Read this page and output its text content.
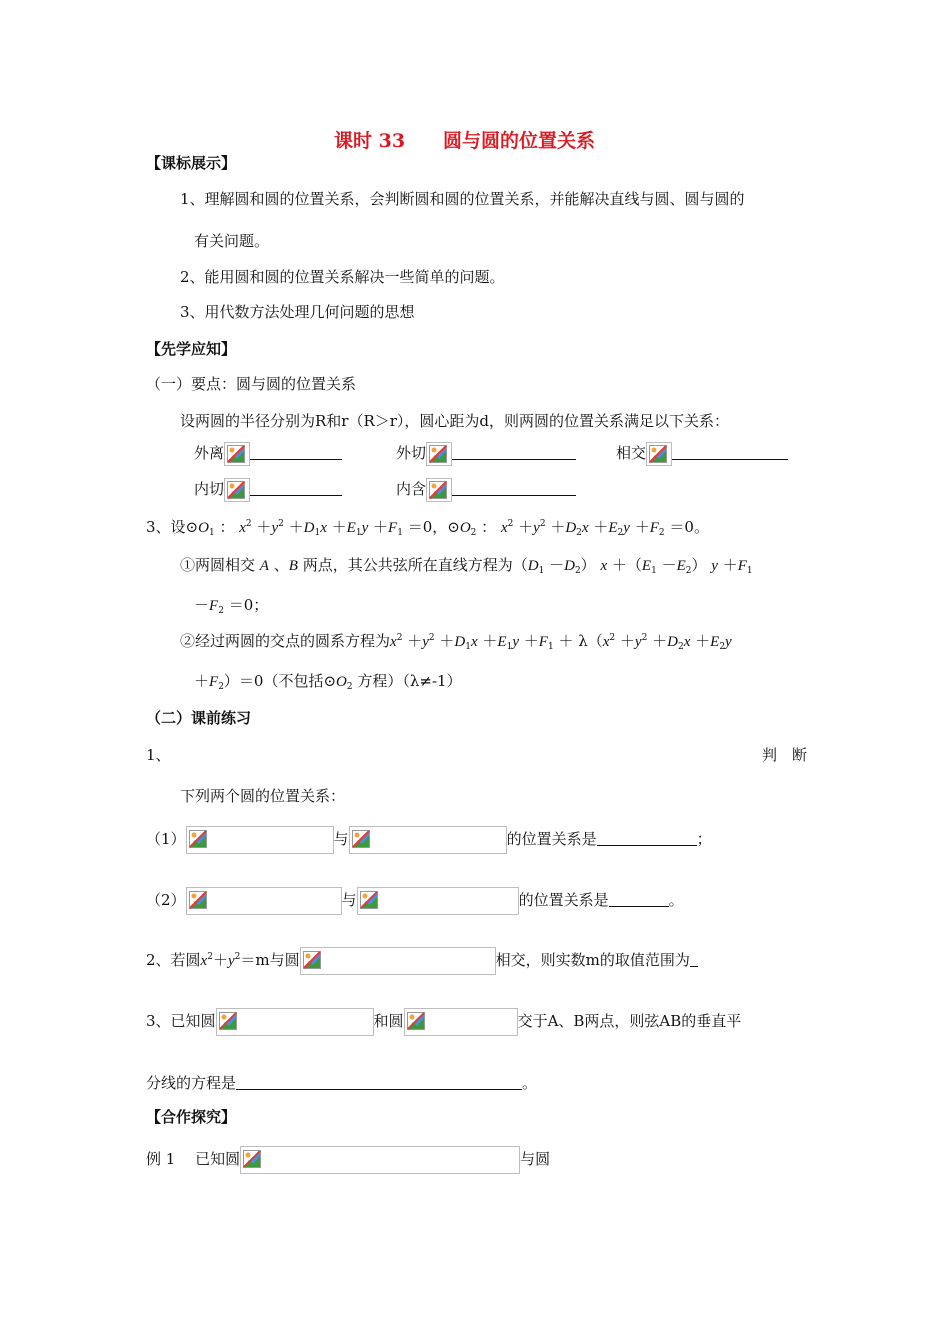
课时 33　　圆与圆的位置关系
【课标展示】
1、理解圆和圆的位置关系，会判断圆和圆的位置关系，并能解决直线与圆、圆与圆的
有关问题。
2、能用圆和圆的位置关系解决一些简单的问题。
3、用代数方法处理几何问题的思想
【先学应知】
（一）要点：圆与圆的位置关系
设两圆的半径分别为R和r（R＞r），圆心距为d，则两圆的位置关系满足以下关系：
外离	外切	相交
内切	内含
3、设$⊙O_1$ ： $x^2 +y^2 +D_1x +E_1y +F_1 =0$，$⊙O_2$ ： $x^2 +y^2 +D_2x +E_2y +F_2 =0$。
①两圆相交 A 、B 两点，其公共弦所在直线方程为$(D_1 -D_2)$ $x +(E_1 -E_2)$ $y +F_1$
$-F_2 =0$；
②经过两圆的交点的圆系方程为$x^2 +y^2 +D_1x +E_1y +F_1 + \lambda(x^2 +y^2 +D_2x +E_2y$
$+F_2)=0$（不包括$⊙O_2$ 方程）（λ≠-1）
（二）课前练习
1、	判　断
下列两个圆的位置关系：
（1）	与	的位置关系是	；
（2）	与	的位置关系是	。
2、若圆$x^2+y^2=m$与圆	相交，则实数m的取值范围为
3、已知圆	和圆	交于A、B两点，则弦AB的垂直平
分线的方程是	。
【合作探究】
例 1　 已知圆	与圆
